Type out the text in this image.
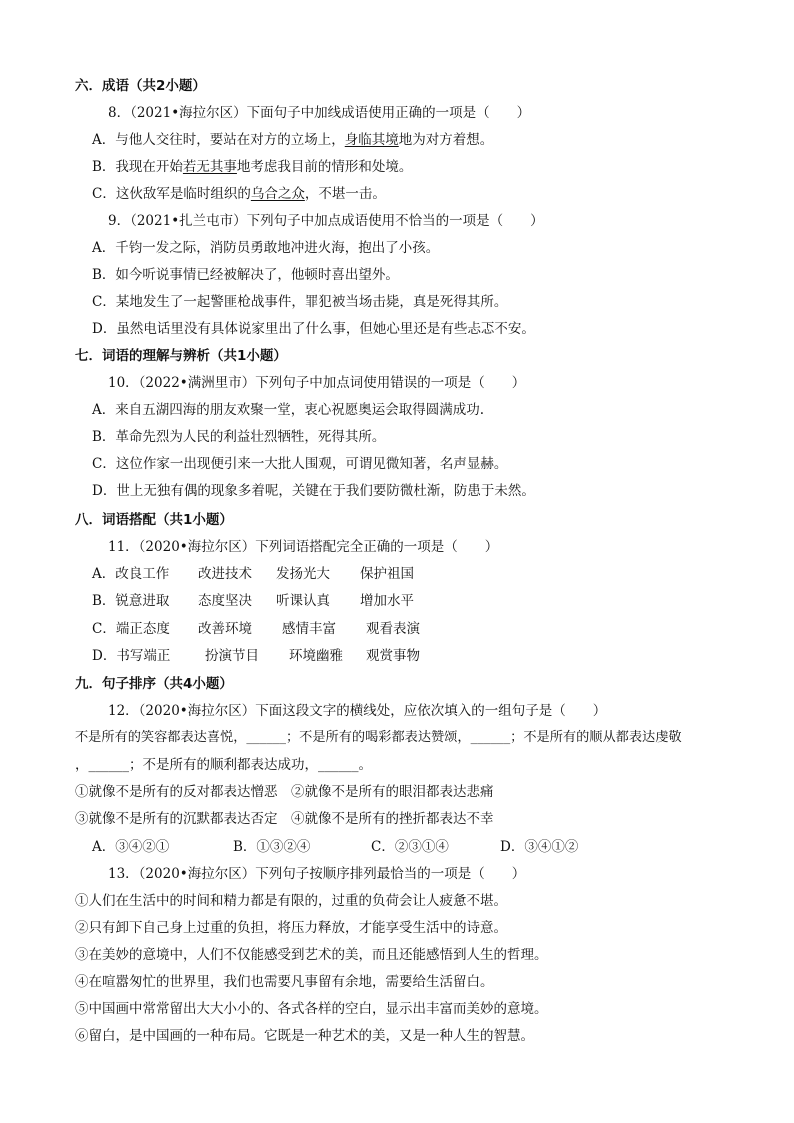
六．成语（共2小题）
8．（2021•海拉尔区）下面句子中加线成语使用正确的一项是（　　）
A．与他人交往时，要站在对方的立场上，身临其境地为对方着想。
B．我现在开始若无其事地考虑我目前的情形和处境。
C．这伙敌军是临时组织的乌合之众，不堪一击。
9．（2021•扎兰屯市）下列句子中加点成语使用不恰当的一项是（　　）
A．千钧一发之际，消防员勇敢地冲进火海，抱出了小孩。
B．如今听说事情已经被解决了，他顿时喜出望外。
C．某地发生了一起警匪枪战事件，罪犯被当场击毙，真是死得其所。
D．虽然电话里没有具体说家里出了什么事，但她心里还是有些忐忑不安。
七．词语的理解与辨析（共1小题）
10．（2022•满洲里市）下列句子中加点词使用错误的一项是（　　）
A．来自五湖四海的朋友欢聚一堂，衷心祝愿奥运会取得圆满成功.
B．革命先烈为人民的利益壮烈牺牲，死得其所。
C．这位作家一出现便引来一大批人围观，可谓见微知著，名声显赫。
D．世上无独有偶的现象多着呢，关键在于我们要防微杜渐，防患于未然。
八．词语搭配（共1小题）
11．（2020•海拉尔区）下列词语搭配完全正确的一项是（　　）
A．改良工作 改进技术 发扬光大 保护祖国
B．锐意进取 态度坚决 听课认真 增加水平
C．端正态度 改善环境 感情丰富 观看表演
D．书写端正	扮演节目 环境幽雅 观赏事物
九．句子排序（共4小题）
12．（2020•海拉尔区）下面这段文字的横线处，应依次填入的一组句子是（　　）
不是所有的笑容都表达喜悦，______；不是所有的喝彩都表达赞颂，______；不是所有的顺从都表达虔敬
，______；不是所有的顺利都表达成功，______。
①就像不是所有的反对都表达憎恶　②就像不是所有的眼泪都表达悲痛
③就像不是所有的沉默都表达否定　④就像不是所有的挫折都表达不幸
A．③④②①	B．①③②④	C．②③①④	D．③④①②
13．（2020•海拉尔区）下列句子按顺序排列最恰当的一项是（　　）
①人们在生活中的时间和精力都是有限的，过重的负荷会让人疲惫不堪。
②只有卸下自己身上过重的负担，将压力释放，才能享受生活中的诗意。
③在美妙的意境中，人们不仅能感受到艺术的美，而且还能感悟到人生的哲理。
④在喧嚣匆忙的世界里，我们也需要凡事留有余地，需要给生活留白。
⑤中国画中常常留出大大小小的、各式各样的空白，显示出丰富而美妙的意境。
⑥留白，是中国画的一种布局。它既是一种艺术的美，又是一种人生的智慧。
